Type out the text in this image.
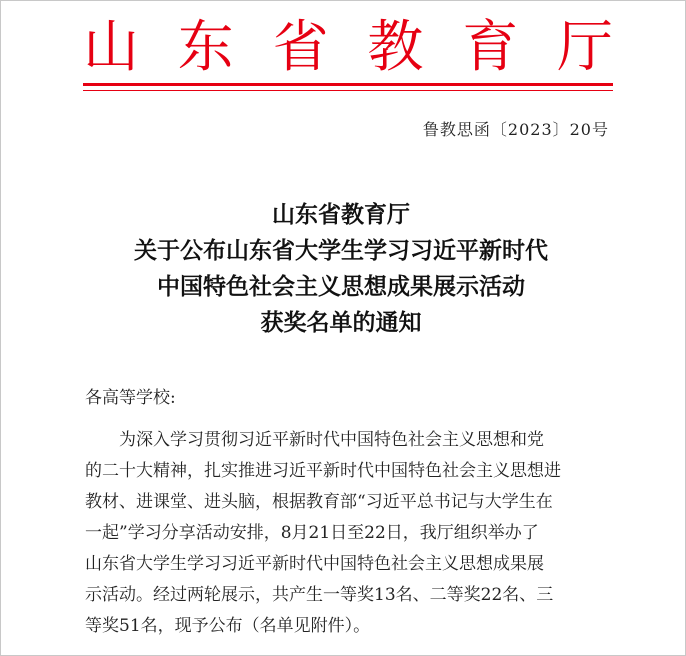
山 东 省 教 育 厅
鲁教思函〔2023〕20号
山东省教育厅
关于公布山东省大学生学习习近平新时代
中国特色社会主义思想成果展示活动
获奖名单的通知
各高等学校:
为深入学习贯彻习近平新时代中国特色社会主义思想和党
的二十大精神，扎实推进习近平新时代中国特色社会主义思想进
教材、进课堂、进头脑，根据教育部“习近平总书记与大学生在
一起”学习分享活动安排，8月21日至22日，我厅组织举办了
山东省大学生学习习近平新时代中国特色社会主义思想成果展
示活动。经过两轮展示，共产生一等奖13名、二等奖22名、三
等奖51名，现予公布（名单见附件）。
